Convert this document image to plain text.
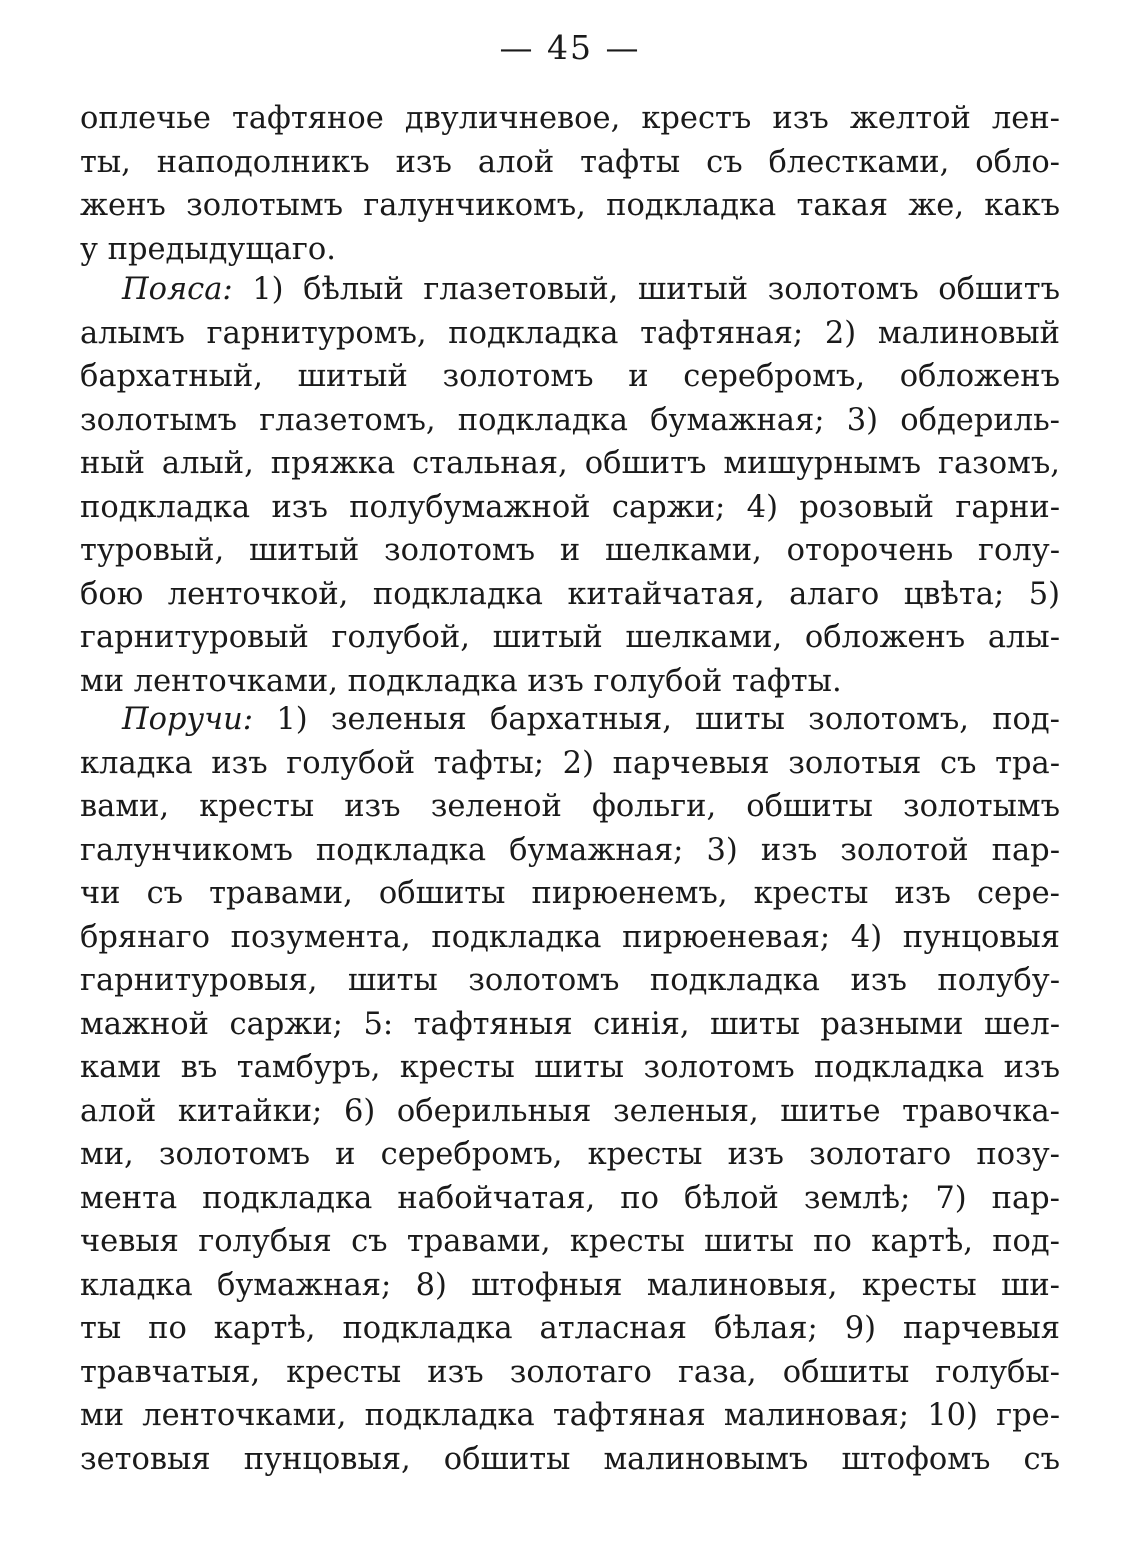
— 45 —
оплечье тафтяное двуличневое, крестъ изъ желтой лен-
ты, наподолникъ изъ алой тафты съ блестками, обло-
женъ золотымъ галунчикомъ, подкладка такая же, какъ
у предыдущаго.
Пояса: 1) бѣлый глазетовый, шитый золотомъ обшитъ
алымъ гарнитуромъ, подкладка тафтяная; 2) малиновый
бархатный, шитый золотомъ и серебромъ, обложенъ
золотымъ глазетомъ, подкладка бумажная; 3) обдериль-
ный алый, пряжка стальная, обшитъ мишурнымъ газомъ,
подкладка изъ полубумажной саржи; 4) розовый гарни-
туровый, шитый золотомъ и шелками, оторочень голу-
бою ленточкой, подкладка китайчатая, алаго цвѣта; 5)
гарнитуровый голубой, шитый шелками, обложенъ алы-
ми ленточками, подкладка изъ голубой тафты.
Поручи: 1) зеленыя бархатныя, шиты золотомъ, под-
кладка изъ голубой тафты; 2) парчевыя золотыя съ тра-
вами, кресты изъ зеленой фольги, обшиты золотымъ
галунчикомъ подкладка бумажная; 3) изъ золотой пар-
чи съ травами, обшиты пирюенемъ, кресты изъ сере-
брянаго позумента, подкладка пирюеневая; 4) пунцовыя
гарнитуровыя, шиты золотомъ подкладка изъ полубу-
мажной саржи; 5: тафтяныя синія, шиты разными шел-
ками въ тамбуръ, кресты шиты золотомъ подкладка изъ
алой китайки; 6) оберильныя зеленыя, шитье травочка-
ми, золотомъ и серебромъ, кресты изъ золотаго позу-
мента подкладка набойчатая, по бѣлой землѣ; 7) пар-
чевыя голубыя съ травами, кресты шиты по картѣ, под-
кладка бумажная; 8) штофныя малиновыя, кресты ши-
ты по картѣ, подкладка атласная бѣлая; 9) парчевыя
травчатыя, кресты изъ золотаго газа, обшиты голубы-
ми ленточками, подкладка тафтяная малиновая; 10) гре-
зетовыя пунцовыя, обшиты малиновымъ штофомъ съ
